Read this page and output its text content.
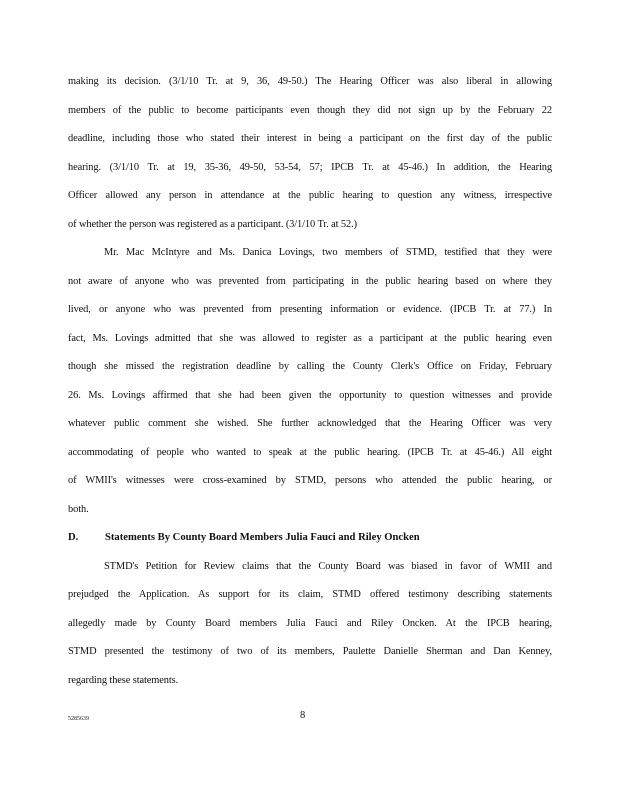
making its decision. (3/1/10 Tr. at 9, 36, 49-50.) The Hearing Officer was also liberal in allowing
members of the public to become participants even though they did not sign up by the February 22
deadline, including those who stated their interest in being a participant on the first day of the public
hearing. (3/1/10 Tr. at 19, 35-36, 49-50, 53-54, 57; IPCB Tr. at 45-46.) In addition, the Hearing
Officer allowed any person in attendance at the public hearing to question any witness, irrespective
of whether the person was registered as a participant. (3/1/10 Tr. at 52.)
Mr. Mac McIntyre and Ms. Danica Lovings, two members of STMD, testified that they were
not aware of anyone who was prevented from participating in the public hearing based on where they
lived, or anyone who was prevented from presenting information or evidence. (IPCB Tr. at 77.) In
fact, Ms. Lovings admitted that she was allowed to register as a participant at the public hearing even
though she missed the registration deadline by calling the County Clerk's Office on Friday, February
26. Ms. Lovings affirmed that she had been given the opportunity to question witnesses and provide
whatever public comment she wished. She further acknowledged that the Hearing Officer was very
accommodating of people who wanted to speak at the public hearing. (IPCB Tr. at 45-46.) All eight
of WMII's witnesses were cross-examined by STMD, persons who attended the public hearing, or
both.
D.	Statements By County Board Members Julia Fauci and Riley Oncken
STMD's Petition for Review claims that the County Board was biased in favor of WMII and
prejudged the Application. As support for its claim, STMD offered testimony describing statements
allegedly made by County Board members Julia Fauci and Riley Oncken. At the IPCB hearing,
STMD presented the testimony of two of its members, Paulette Danielle Sherman and Dan Kenney,
regarding these statements.
5285639	8
